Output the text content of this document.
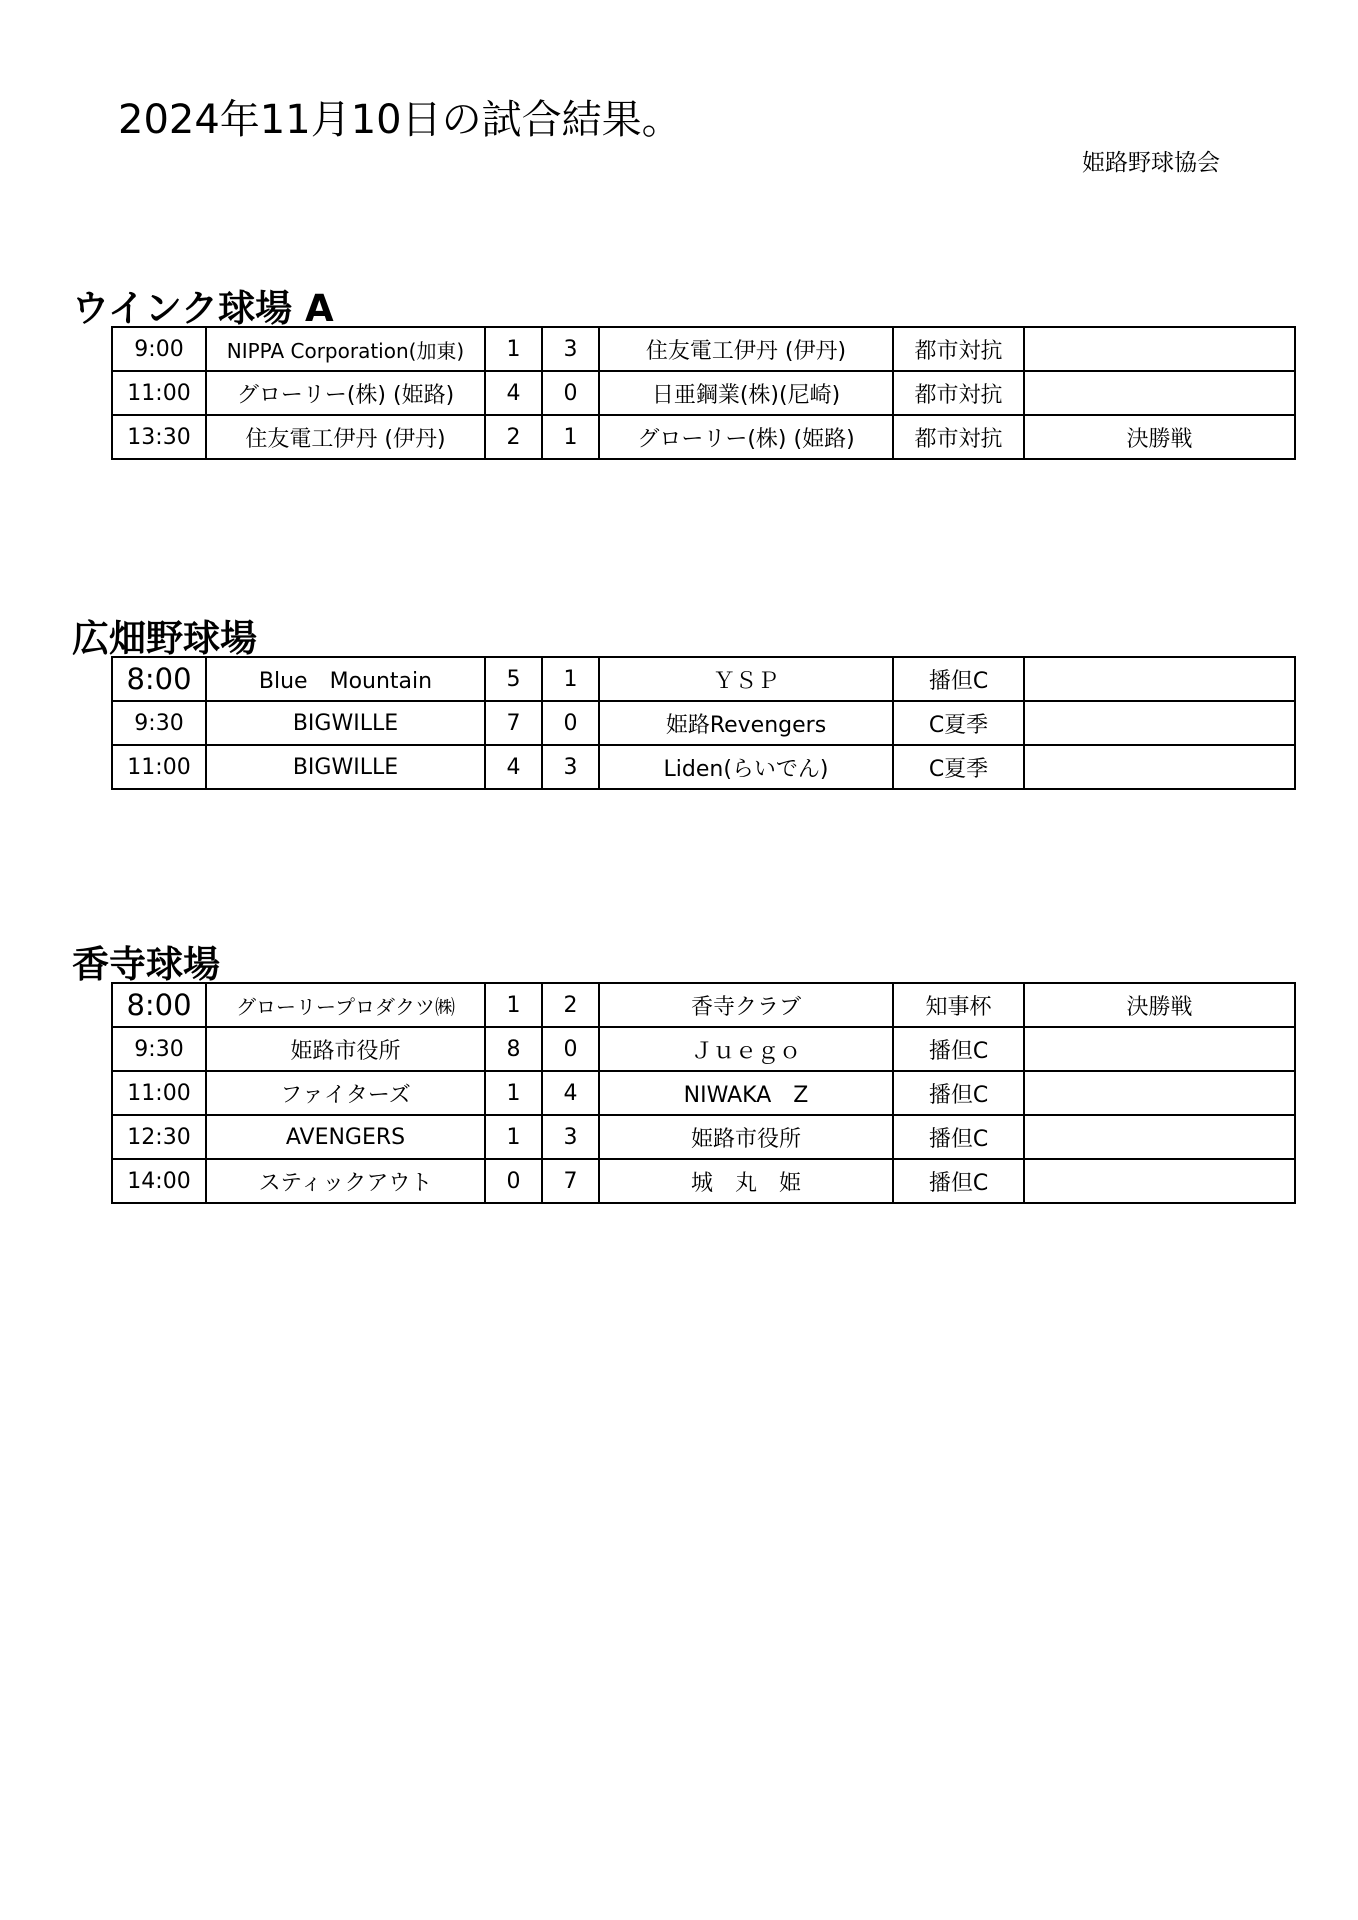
2024年11月10日の試合結果。
姫路野球協会
ウインク球場 A
9:00	NIPPA Corporation(加東)	1	3	住友電工伊丹 (伊丹)	都市対抗	
11:00	グローリー(株) (姫路)	4	0	日亜鋼業(株)(尼崎)	都市対抗	
13:30	住友電工伊丹 (伊丹)	2	1	グローリー(株) (姫路)	都市対抗	決勝戦
広畑野球場
8:00	Blue　Mountain	5	1	ＹＳＰ	播但C	
9:30	BIGWILLE	7	0	姫路Revengers	C夏季	
11:00	BIGWILLE	4	3	Liden(らいでん)	C夏季	
香寺球場
8:00	グローリープロダクツ㈱	1	2	香寺クラブ	知事杯	決勝戦
9:30	姫路市役所	8	0	Ｊｕｅｇｏ	播但C	
11:00	ファイターズ	1	4	NIWAKA　Z	播但C	
12:30	AVENGERS	1	3	姫路市役所	播但C	
14:00	スティックアウト	0	7	城　丸　姫	播但C	
